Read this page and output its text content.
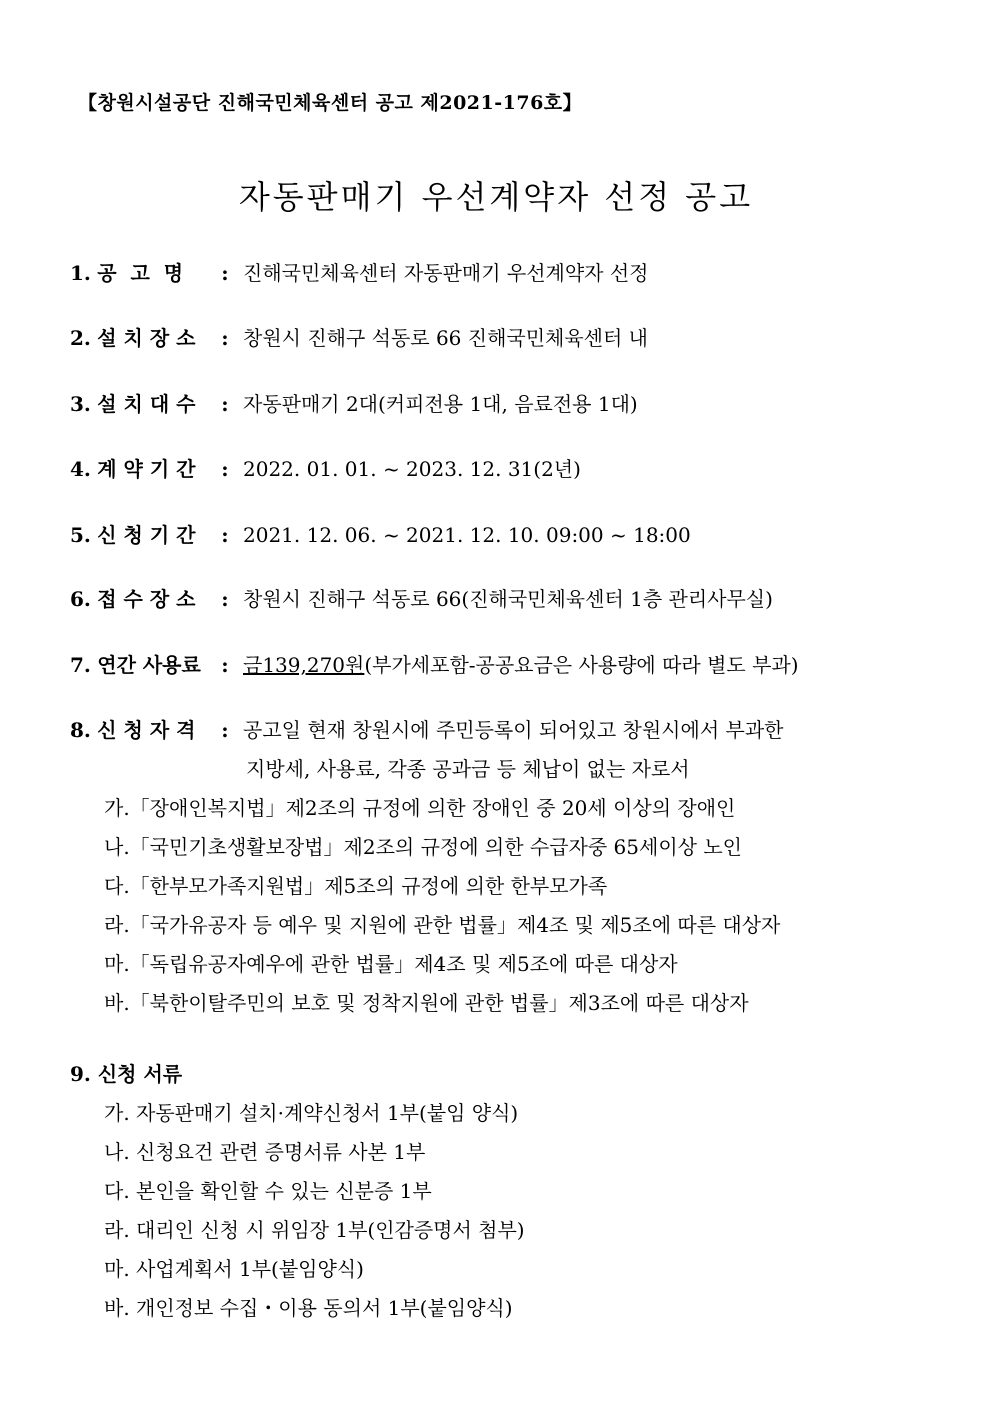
【창원시설공단 진해국민체육센터 공고 제2021-176호】
자동판매기 우선계약자 선정 공고
1. 공  고  명 : 진해국민체육센터 자동판매기 우선계약자 선정
2. 설 치 장 소 : 창원시 진해구 석동로 66 진해국민체육센터 내
3. 설 치 대 수 : 자동판매기 2대(커피전용 1대, 음료전용 1대)
4. 계 약 기 간 : 2022. 01. 01. ~ 2023. 12. 31(2년)
5. 신 청 기 간 : 2021. 12. 06. ~ 2021. 12. 10. 09:00 ~ 18:00
6. 접 수 장 소 : 창원시 진해구 석동로 66(진해국민체육센터 1층 관리사무실)
7. 연간 사용료 : 금139,270원(부가세포함-공공요금은 사용량에 따라 별도 부과)
8. 신 청 자 격 : 공고일 현재 창원시에 주민등록이 되어있고 창원시에서 부과한
지방세, 사용료, 각종 공과금 등 체납이 없는 자로서
가.「장애인복지법」제2조의 규정에 의한 장애인 중 20세 이상의 장애인
나.「국민기초생활보장법」제2조의 규정에 의한 수급자중 65세이상 노인
다.「한부모가족지원법」제5조의 규정에 의한 한부모가족
라.「국가유공자 등 예우 및 지원에 관한 법률」제4조 및 제5조에 따른 대상자
마.「독립유공자예우에 관한 법률」제4조 및 제5조에 따른 대상자
바.「북한이탈주민의 보호 및 정착지원에 관한 법률」제3조에 따른 대상자
9. 신청 서류
가. 자동판매기 설치·계약신청서 1부(붙임 양식)
나. 신청요건 관련 증명서류 사본 1부
다. 본인을 확인할 수 있는 신분증 1부
라. 대리인 신청 시 위임장 1부(인감증명서 첨부)
마. 사업계획서 1부(붙임양식)
바. 개인정보 수집・이용 동의서 1부(붙임양식)
